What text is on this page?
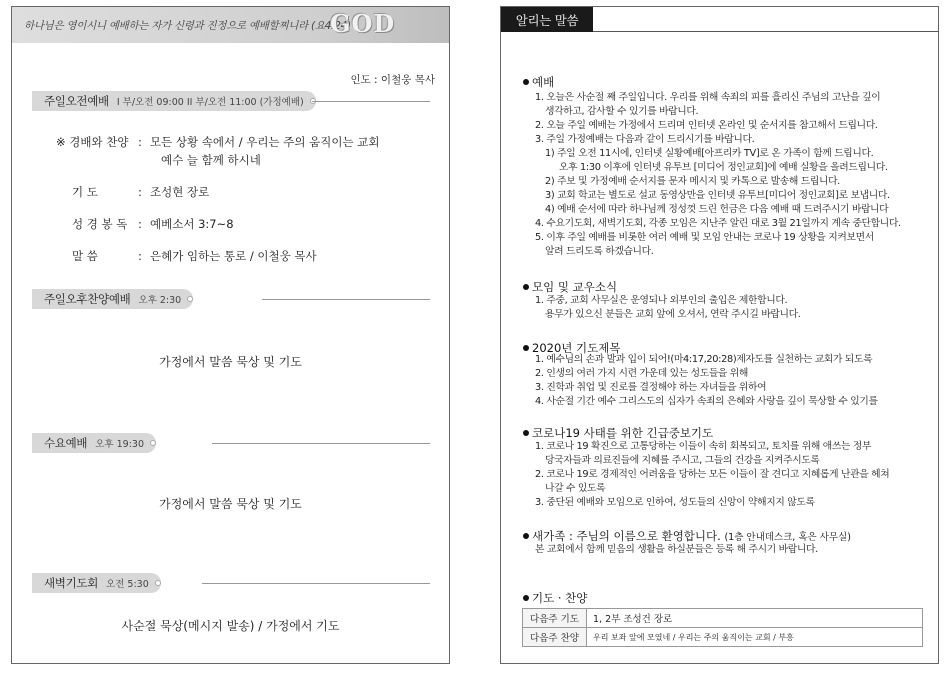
하나님은 영이시니 예배하는 자가 신령과 진정으로 예배할찌니라 (요4:24)
GOD
인도 : 이철웅 목사
주일오전예배 I 부/오전 09:00 II 부/오전 11:00 (가정예배)
※ 경배와 찬양 : 모든 상황 속에서 / 우리는 주의 움직이는 교회
예수 늘 함께 하시네
기 도	: 조성현 장로
성 경 봉 독 : 예베소서 3:7~8
말 씀	: 은혜가 임하는 통로 / 이철웅 목사
주일오후찬양예배 오후 2:30
가정에서 말씀 묵상 및 기도
수요예배 오후 19:30
가정에서 말씀 묵상 및 기도
새벽기도회 오전 5:30
사순절 묵상(메시지 발송) / 가정에서 기도
알리는 말씀
예배
1. 오늘은 사순절 째 주일입니다. 우리를 위해 속죄의 피를 흘리신 주님의 고난을 깊이
생각하고, 감사할 수 있기를 바랍니다.
2. 오늘 주일 예배는 가정에서 드리며 인터넷 온라인 및 순서지를 참고해서 드립니다.
3. 주일 가정예배는 다음과 같이 드리시기를 바랍니다.
1) 주일 오전 11시에, 인터넷 실황예배[아프리카 TV]로 온 가족이 함께 드립니다.
오후 1:30 이후에 인터넷 유투브 [미디어 정인교회]에 예배 실황을 올려드립니다.
2) 주보 및 가정예배 순서지를 문자 메시지 및 카톡으로 발송해 드립니다.
3) 교회 학교는 별도로 설교 동영상만을 인터넷 유투브[미디어 정인교회]로 보냅니다.
4) 예배 순서에 따라 하나님께 정성껏 드린 헌금은 다음 예배 때 드려주시기 바랍니다
4. 수요기도회, 새벽기도회, 각종 모임은 지난주 알린 대로 3월 21일까지 계속 중단합니다.
5. 이후 주일 예배를 비롯한 여러 예배 및 모임 안내는 코로나 19 상황을 지켜보면서
알려 드리도록 하겠습니다.
모임 및 교우소식
1. 주중, 교회 사무실은 운영되나 외부인의 출입은 제한합니다.
용무가 있으신 분들은 교회 앞에 오셔서, 연락 주시길 바랍니다.
2020년 기도제목
1. 예수님의 손과 발과 입이 되어!(마4:17,20:28)제자도를 실천하는 교회가 되도록
2. 인생의 여러 가지 시련 가운데 있는 성도들을 위해
3. 진학과 취업 및 진로를 결정해야 하는 자녀들을 위하여
4. 사순절 기간 예수 그리스도의 십자가 속죄의 은혜와 사랑을 깊이 묵상할 수 있기를
코로나19 사태를 위한 긴급중보기도
1. 코로나 19 확진으로 고통당하는 이들이 속히 회복되고, 토치를 위해 애쓰는 정부
당국자들과 의료진들에 지혜를 주시고, 그들의 건강을 지켜주시도록
2. 코로나 19로 경제적인 어려움을 당하는 모든 이들이 잘 견디고 지혜롭게 난관을 헤쳐
나갈 수 있도록
3. 중단된 예배와 모임으로 인하여, 성도들의 신앙이 약해지지 않도록
새가족 : 주님의 이름으로 환영합니다. (1층 안내데스크, 혹은 사무실)
본 교회에서 함께 믿음의 생활을 하실분들은 등록 해 주시기 바랍니다.
기도 · 찬양
다음주 기도	1, 2부 조성건 장로
다음주 찬양	우리 보좌 앞에 모였네 / 우리는 주의 움직이는 교회 / 부흥
